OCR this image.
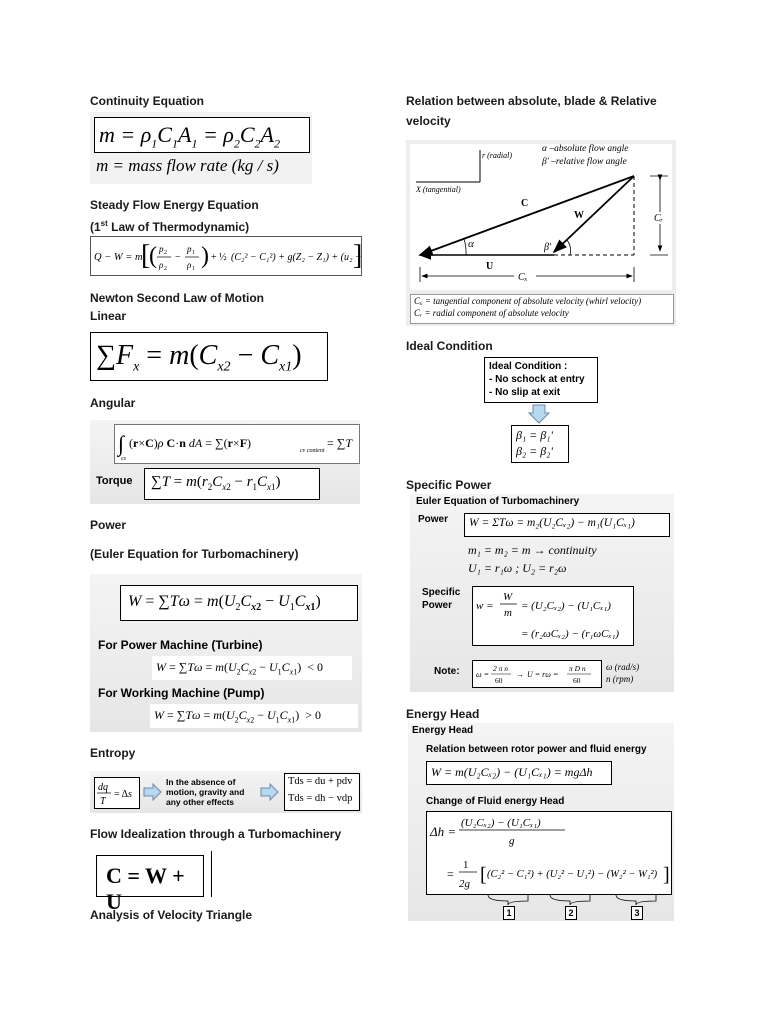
Continuity Equation
$m = \rho_1C_1A_1 = \rho_2C_2A_2$
m = mass flow rate (kg / s)
Steady Flow Energy Equation
(1st Law of Thermodynamic)
Q − W = m
[
( p 2
ρ 2
−
p 1
ρ 1 ) + ½ (C₂² − C₁²) + g(Z₂ − Z₁) + (u₂
Newton Second Law of Motion
Linear
$\sum F_x = m(C_{x2} - C_{x1})$
Angular
∫
cs
(r×C)ρ C·n dA = ∑(r×F)
cv content
= ∑T
Torque $\sum T = m(r_2C_{x2} - r_1C_{x1})$
Power
(Euler Equation for Turbomachinery)
$W = \sum T\omega = m(U_2C_{x2} - U_1C_{x1})$
For Power Machine (Turbine)
$W = \sum T\omega = m(U_2C_{x2} - U_1C_{x1}) < 0$
For Working Machine (Pump)
$W = \sum T\omega = m(U_2C_{x2} - U_1C_{x1}) > 0$
Entropy
dq
T
= Δs
In the absence of motion, gravity and any other effects
Tds = du + pdv
Tds = dh − vdp
Flow Idealization through a Turbomachinery
C = W + U
Analysis of Velocity Triangle
Relation between absolute, blade & Relative
velocity
r (radial)
X (tangential)
α –absolute flow angle
β' –relative flow angle
α	β'
C
W
U
Cᵣ
Cₓ
Cₓ = tangential component of absolute velocity (whirl velocity)
Cᵣ = radial component of absolute velocity
Ideal Condition
Ideal Condition :
- No schock at entry
- No slip at exit
β₁ = β₁'
β₂ = β₂'
Specific Power
Euler Equation of Turbomachinery
Power W = ΣTω = m₂(U₂Cₓ₂) − m₁(U₁Cₓ₁)
m₁ = m₂ = m → continuity
U₁ = r₁ω ; U₂ = r₂ω
Specific
Power	w =
W
m
= (U₂Cₓ₂) − (U₁Cₓ₁)
= (r₂ωCₓ₂) − (r₁ωCₓ₁)
Note: ω =
2 π n
60
→ U = rω =
π D n
60
ω (rad/s)
n (rpm)
Energy Head
Energy Head
Relation between rotor power and fluid energy
W = m(U₂Cₓ₂) − (U₁Cₓ₁) = mgΔh
Change of Fluid energy Head
Δh =
(U₂Cₓ₂) − (U₁Cₓ₁)
g
=
1
2g [ (C₂² − C₁²) + (U₂² − U₁²) − (W₂² − W₁²) ]
1	2	3
